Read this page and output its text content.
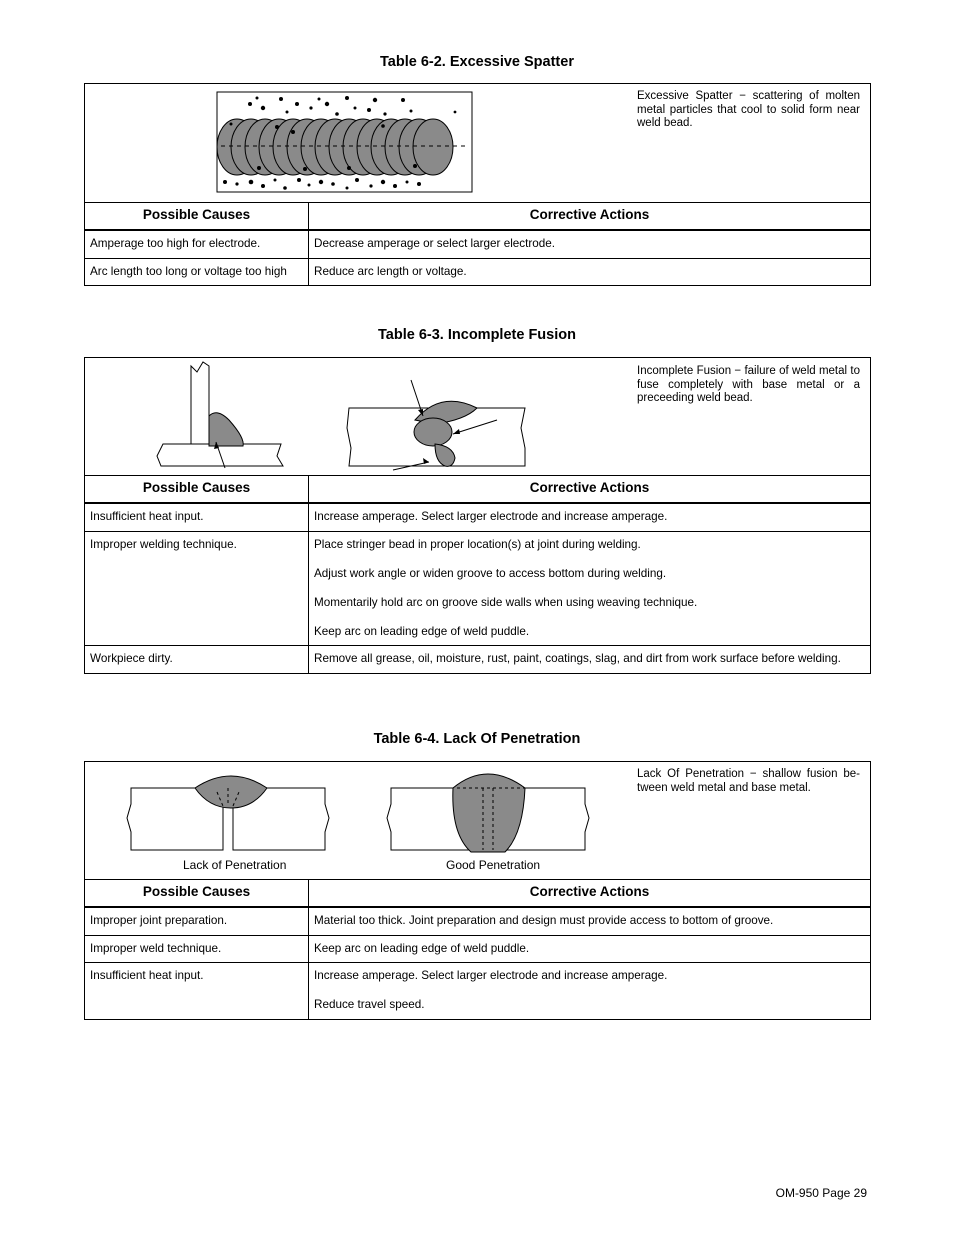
Table 6-2. Excessive Spatter
Excessive Spatter − scattering of molten metal particles that cool to solid form near weld bead.
Possible Causes	Corrective Actions
Amperage too high for electrode.	Decrease amperage or select larger electrode.

Arc length too long or voltage too high	Reduce arc length or voltage.

Table 6-3. Incomplete Fusion
Incomplete Fusion − failure of weld metal to fuse completely with base metal or a preceeding weld bead.
Possible Causes	Corrective Actions
Insufficient heat input.	Increase amperage. Select larger electrode and increase amperage.

Improper welding technique.	Place stringer bead in proper location(s) at joint during welding.

Adjust work angle or widen groove to access bottom during welding.

Momentarily hold arc on groove side walls when using weaving technique.

Keep arc on leading edge of weld puddle.

Workpiece dirty.	Remove all grease, oil, moisture, rust, paint, coatings, slag, and dirt from work surface before welding.

Table 6-4. Lack Of Penetration
Lack of Penetration	Good Penetration
Lack Of Penetration − shallow fusion be-tween weld metal and base metal.
Possible Causes	Corrective Actions
Improper joint preparation.	Material too thick. Joint preparation and design must provide access to bottom of groove.

Improper weld technique.	Keep arc on leading edge of weld puddle.

Insufficient heat input.	Increase amperage. Select larger electrode and increase amperage.

Reduce travel speed.

OM-950 Page 29
